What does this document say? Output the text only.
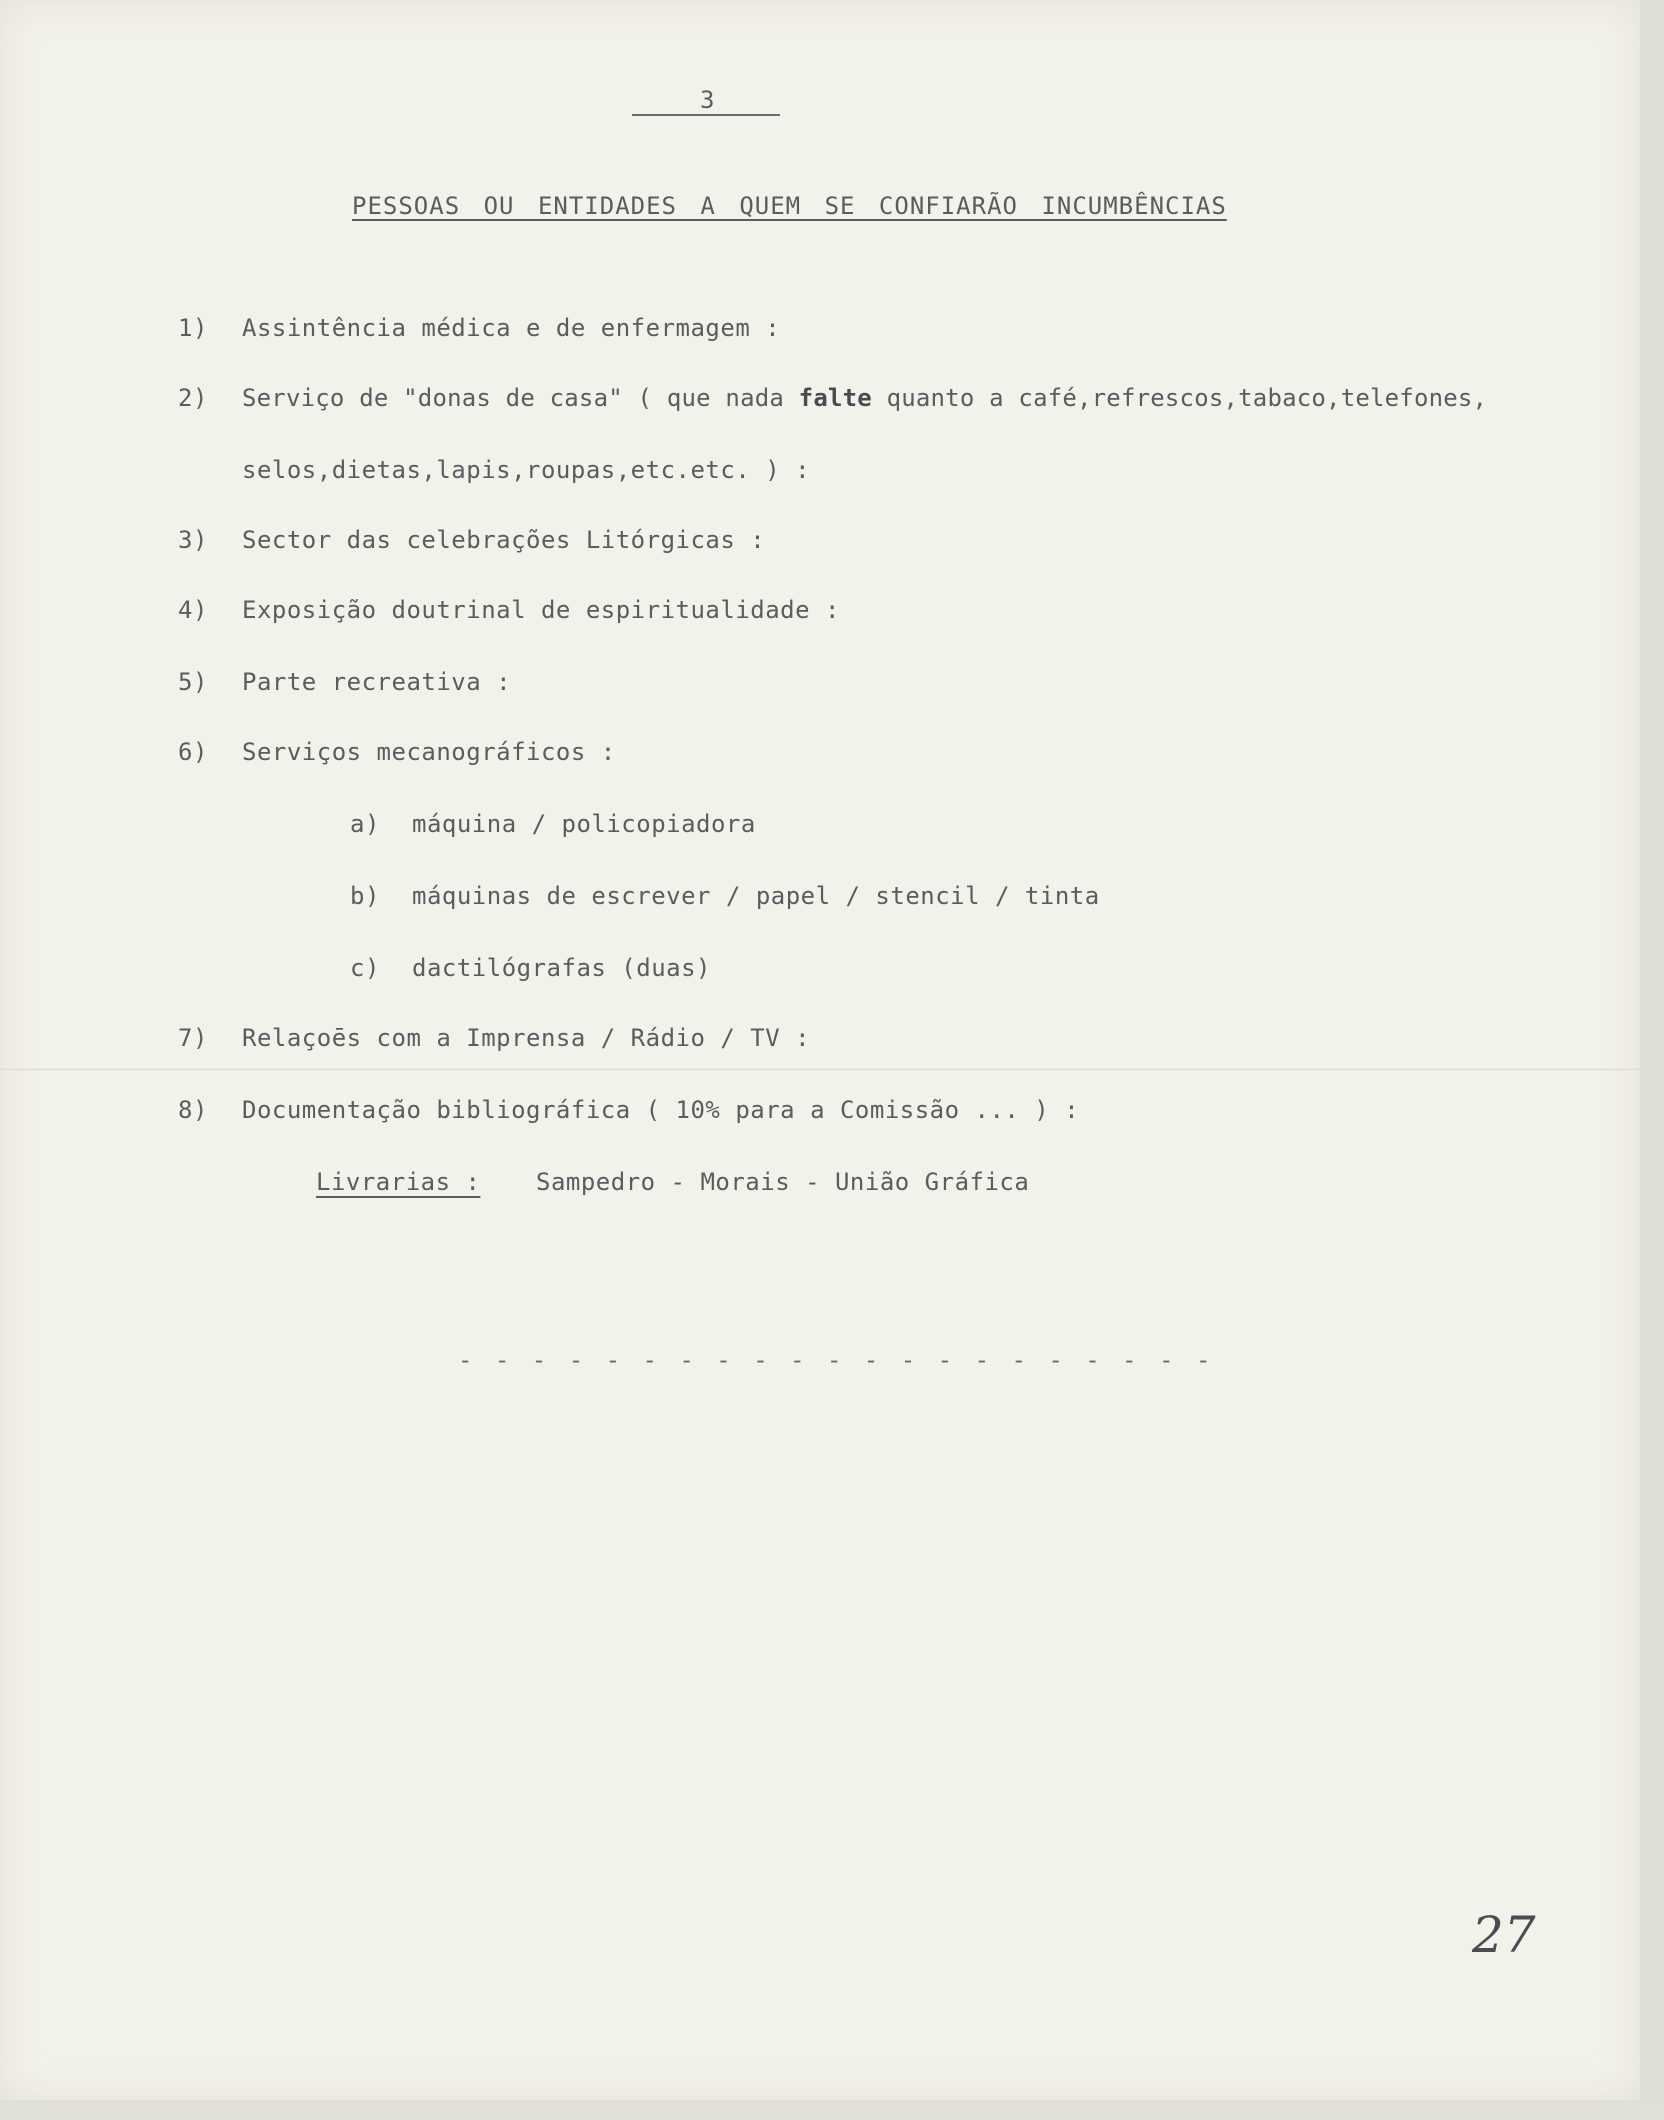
3

PESSOAS OU ENTIDADES A QUEM SE CONFIARÃO INCUMBÊNCIAS

1) Assintência médica e de enfermagem :

2) Serviço de "donas de casa" ( que nada falte quanto a café,refrescos,tabaco,telefones,

selos,dietas,lapis,roupas,etc.etc. ) :

3) Sector das celebrações Litórgicas :

4) Exposição doutrinal de espiritualidade :

5) Parte recreativa :

6) Serviços mecanográficos :

a) máquina / policopiadora

b) máquinas de escrever / papel / stencil / tinta

c) dactilógrafas (duas)

7) Relaçoēs com a Imprensa / Rádio / TV :

8) Documentação bibliográfica ( 10% para a Comissão ... ) :

Livrarias : Sampedro - Morais - União Gráfica

- - - - - - - - - - - - - - - - - - - - -

27
